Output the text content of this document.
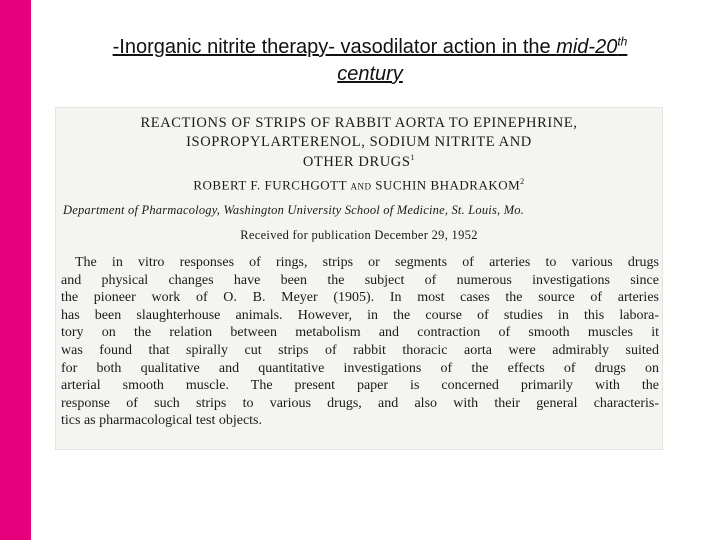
-Inorganic nitrite therapy- vasodilator action in the mid-20th
century
REACTIONS OF STRIPS OF RABBIT AORTA TO EPINEPHRINE,
ISOPROPYLARTERENOL, SODIUM NITRITE AND
OTHER DRUGS$^1$
ROBERT F. FURCHGOTT AND SUCHIN BHADRAKOM$^2$
Department of Pharmacology, Washington University School of Medicine, St. Louis, Mo.
Received for publication December 29, 1952
The in vitro responses of rings, strips or segments of arteries to various drugs
and physical changes have been the subject of numerous investigations since
the pioneer work of O. B. Meyer (1905). In most cases the source of arteries
has been slaughterhouse animals. However, in the course of studies in this labora-
tory on the relation between metabolism and contraction of smooth muscles it
was found that spirally cut strips of rabbit thoracic aorta were admirably suited
for both qualitative and quantitative investigations of the effects of drugs on
arterial smooth muscle. The present paper is concerned primarily with the
response of such strips to various drugs, and also with their general characteris-
tics as pharmacological test objects.
